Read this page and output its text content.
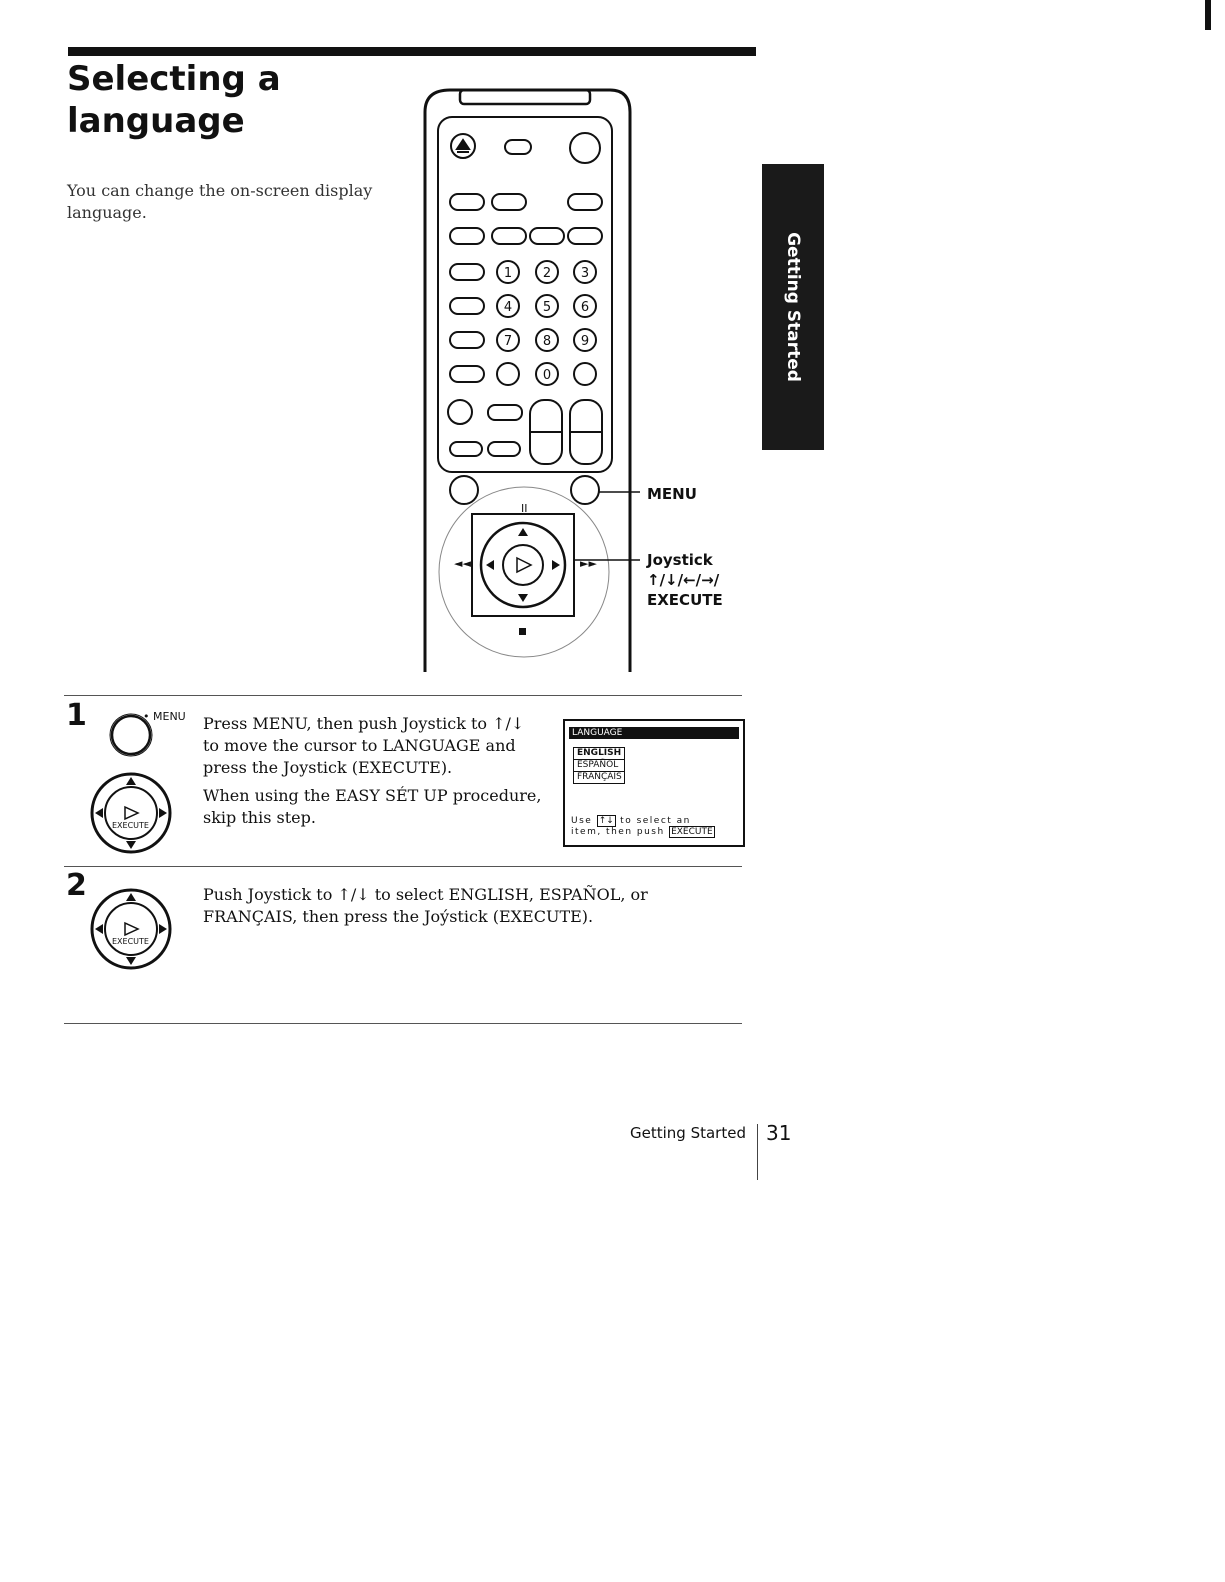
Selecting a
language

You can change the on-screen display language.

1 2 3
4 5 6
7 8 9
0
II
◄◄	►►
MENU
Joystick
↑/↓/←/→/
EXECUTE
Getting Started
1	• MENU
EXECUTE

Press MENU, then push Joystick to ↑/↓

to move the cursor to LANGUAGE and

press the Joystick (EXECUTE).

When using the EASY SÉT UP procedure,

skip this step.

LANGUAGE
ENGLISH
ESPAÑOL
FRANÇAIS
Use ↑↓ to select an
item, then push EXECUTE
2
EXECUTE

Push Joystick to ↑/↓ to select ENGLISH, ESPAÑOL, or

FRANÇAIS, then press the Joýstick (EXECUTE).

Getting Started 31
